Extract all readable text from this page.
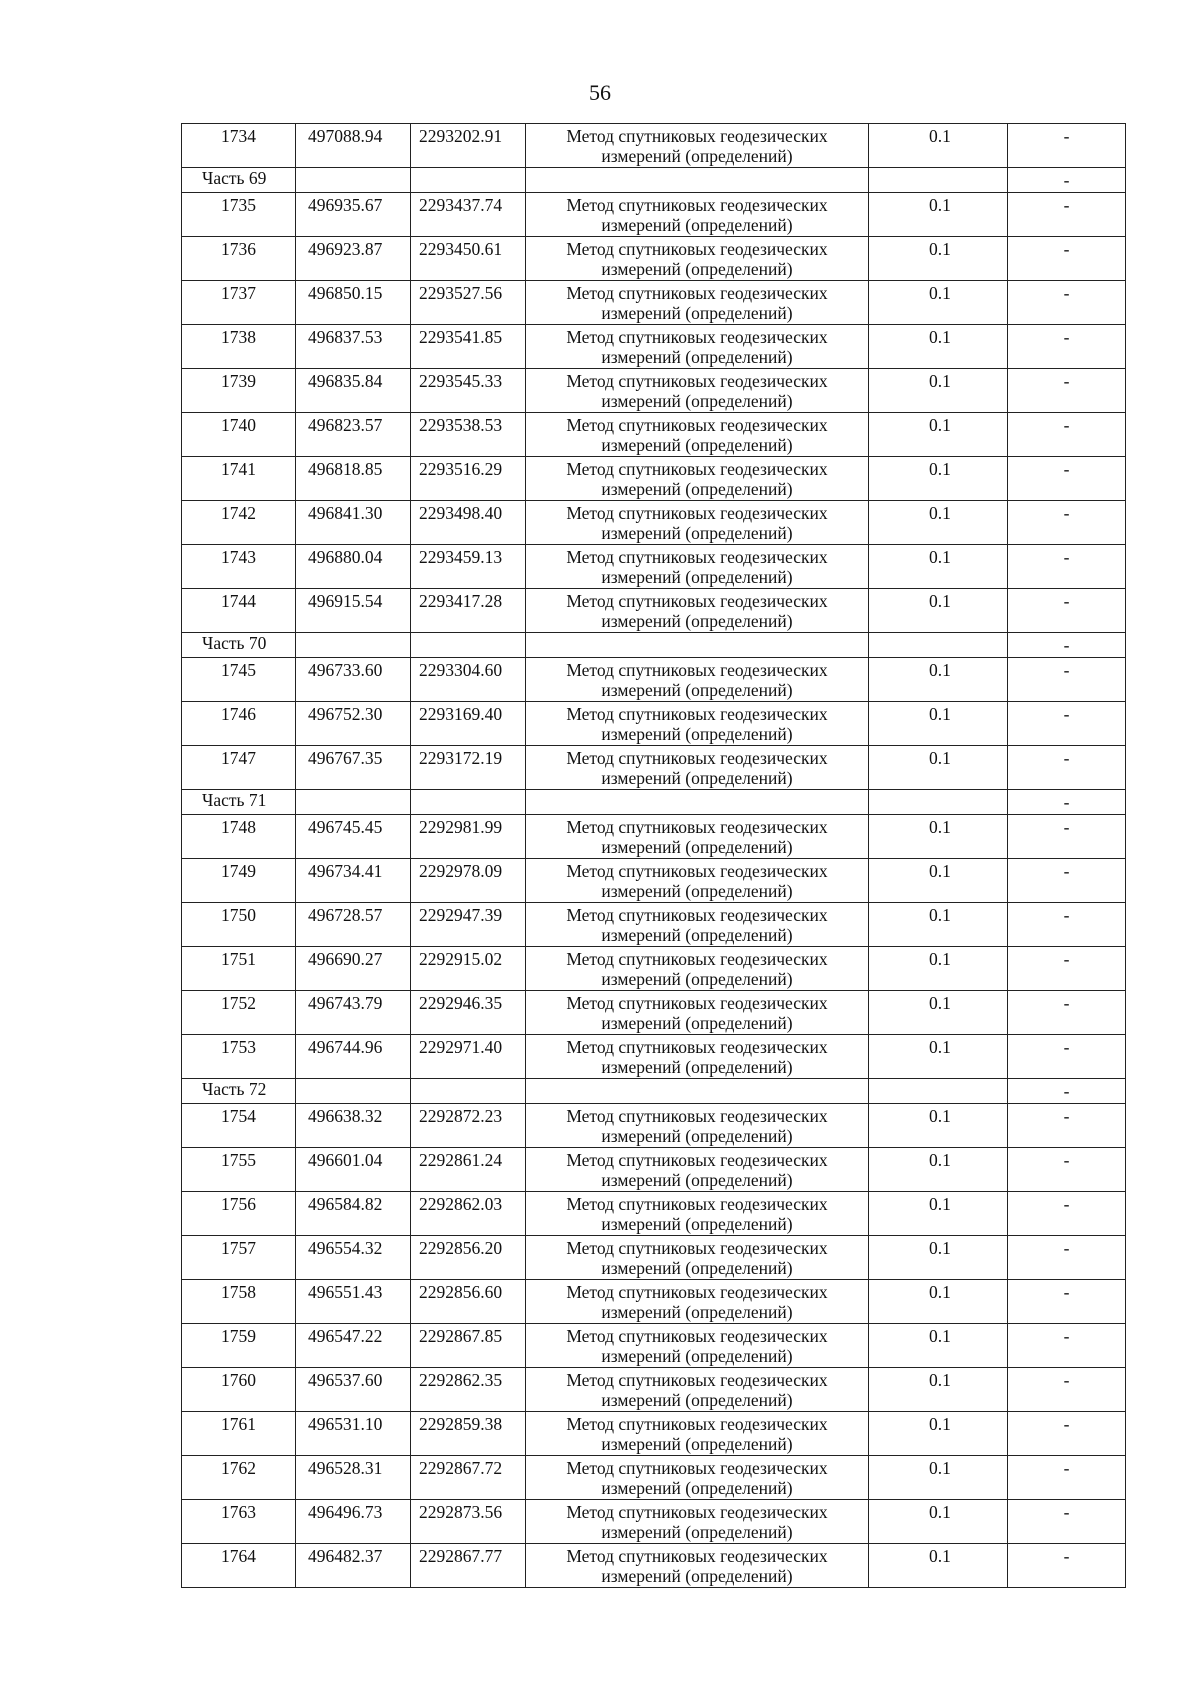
56
1734	497088.94	2293202.91	Метод спутниковых геодезических измерений (определений)	0.1	-
Часть 69					-
1735	496935.67	2293437.74	Метод спутниковых геодезических измерений (определений)	0.1	-
1736	496923.87	2293450.61	Метод спутниковых геодезических измерений (определений)	0.1	-
1737	496850.15	2293527.56	Метод спутниковых геодезических измерений (определений)	0.1	-
1738	496837.53	2293541.85	Метод спутниковых геодезических измерений (определений)	0.1	-
1739	496835.84	2293545.33	Метод спутниковых геодезических измерений (определений)	0.1	-
1740	496823.57	2293538.53	Метод спутниковых геодезических измерений (определений)	0.1	-
1741	496818.85	2293516.29	Метод спутниковых геодезических измерений (определений)	0.1	-
1742	496841.30	2293498.40	Метод спутниковых геодезических измерений (определений)	0.1	-
1743	496880.04	2293459.13	Метод спутниковых геодезических измерений (определений)	0.1	-
1744	496915.54	2293417.28	Метод спутниковых геодезических измерений (определений)	0.1	-
Часть 70					-
1745	496733.60	2293304.60	Метод спутниковых геодезических измерений (определений)	0.1	-
1746	496752.30	2293169.40	Метод спутниковых геодезических измерений (определений)	0.1	-
1747	496767.35	2293172.19	Метод спутниковых геодезических измерений (определений)	0.1	-
Часть 71					-
1748	496745.45	2292981.99	Метод спутниковых геодезических измерений (определений)	0.1	-
1749	496734.41	2292978.09	Метод спутниковых геодезических измерений (определений)	0.1	-
1750	496728.57	2292947.39	Метод спутниковых геодезических измерений (определений)	0.1	-
1751	496690.27	2292915.02	Метод спутниковых геодезических измерений (определений)	0.1	-
1752	496743.79	2292946.35	Метод спутниковых геодезических измерений (определений)	0.1	-
1753	496744.96	2292971.40	Метод спутниковых геодезических измерений (определений)	0.1	-
Часть 72					-
1754	496638.32	2292872.23	Метод спутниковых геодезических измерений (определений)	0.1	-
1755	496601.04	2292861.24	Метод спутниковых геодезических измерений (определений)	0.1	-
1756	496584.82	2292862.03	Метод спутниковых геодезических измерений (определений)	0.1	-
1757	496554.32	2292856.20	Метод спутниковых геодезических измерений (определений)	0.1	-
1758	496551.43	2292856.60	Метод спутниковых геодезических измерений (определений)	0.1	-
1759	496547.22	2292867.85	Метод спутниковых геодезических измерений (определений)	0.1	-
1760	496537.60	2292862.35	Метод спутниковых геодезических измерений (определений)	0.1	-
1761	496531.10	2292859.38	Метод спутниковых геодезических измерений (определений)	0.1	-
1762	496528.31	2292867.72	Метод спутниковых геодезических измерений (определений)	0.1	-
1763	496496.73	2292873.56	Метод спутниковых геодезических измерений (определений)	0.1	-
1764	496482.37	2292867.77	Метод спутниковых геодезических измерений (определений)	0.1	-
